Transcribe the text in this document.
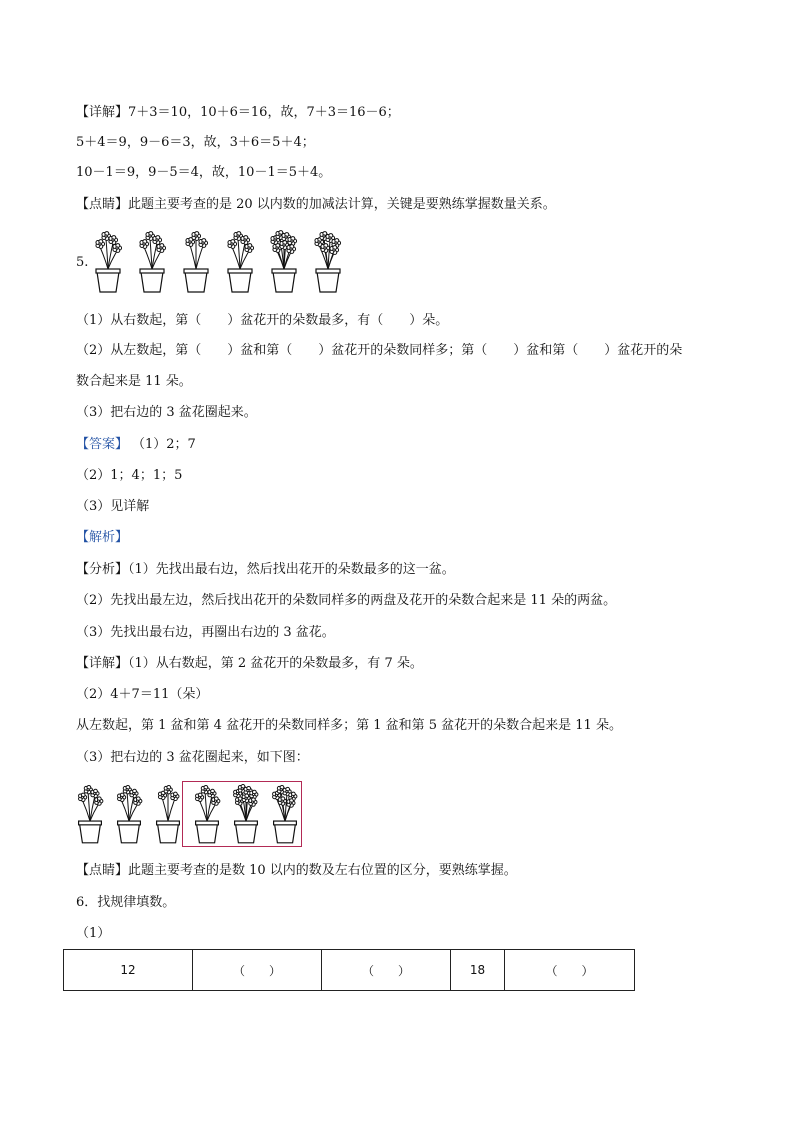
【详解】7＋3＝10，10＋6＝16，故，7＋3＝16－6；
5＋4＝9，9－6＝3，故，3＋6＝5＋4；
10－1＝9，9－5＝4，故，10－1＝5＋4。
【点睛】此题主要考查的是 20 以内数的加减法计算，关键是要熟练掌握数量关系。
5.
（1）从右数起，第（　　）盆花开的朵数最多，有（　　）朵。
（2）从左数起，第（　　）盆和第（　　）盆花开的朵数同样多；第（　　）盆和第（　　）盆花开的朵
数合起来是 11 朵。
（3）把右边的 3 盆花圈起来。
【答案】 （1）2；7
（2）1；4；1；5
（3）见详解
【解析】
【分析】（1）先找出最右边，然后找出花开的朵数最多的这一盆。
（2）先找出最左边，然后找出花开的朵数同样多的两盘及花开的朵数合起来是 11 朵的两盆。
（3）先找出最右边，再圈出右边的 3 盆花。
【详解】（1）从右数起，第 2 盆花开的朵数最多，有 7 朵。
（2）4＋7＝11（朵）
从左数起，第 1 盆和第 4 盆花开的朵数同样多；第 1 盆和第 5 盆花开的朵数合起来是 11 朵。
（3）把右边的 3 盆花圈起来，如下图：
【点睛】此题主要考查的是数 10 以内的数及左右位置的区分，要熟练掌握。
6．找规律填数。
（1）
12	（　　）	（　　）	18	（　　）
